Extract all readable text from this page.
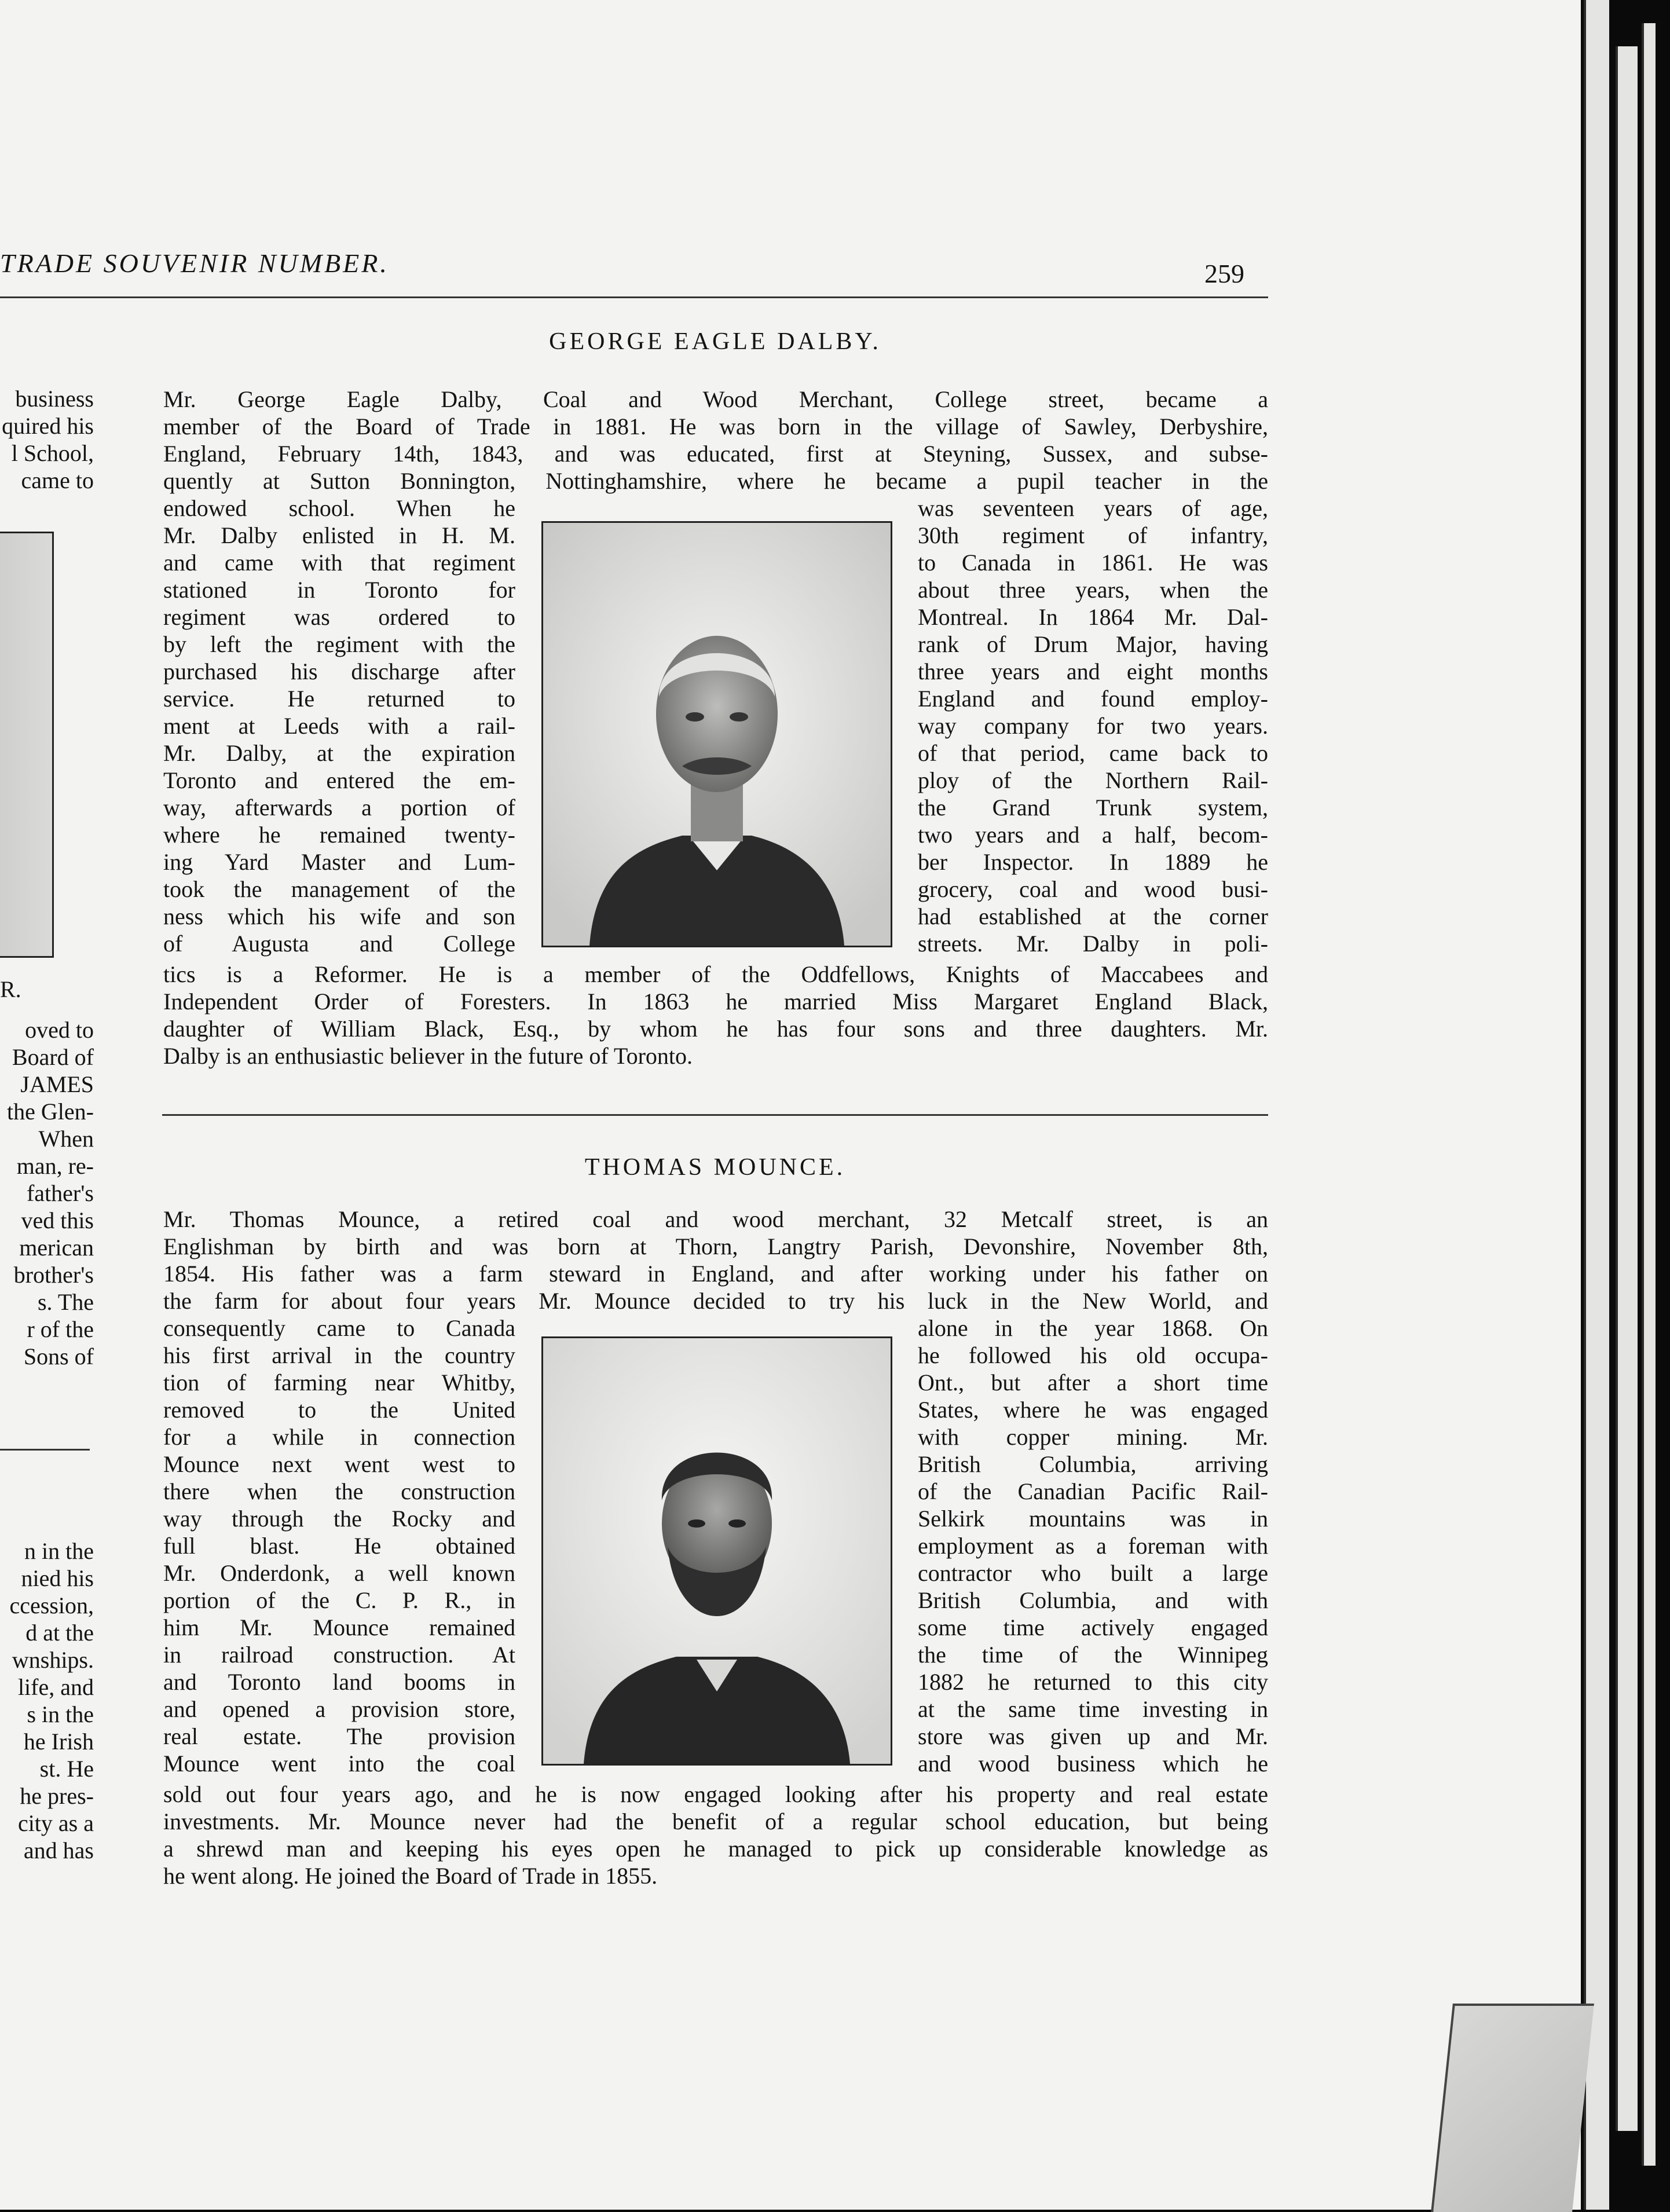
TRADE SOUVENIR NUMBER.	259
business
quired his
l School,
came to
R.
oved to
Board of
JAMES
the Glen-
When
man, re-
father's
ved this
merican
brother's
s. The
r of the
Sons of
n in the
nied his
ccession,
d at the
wnships.
life, and
s in the
he Irish
st. He
he pres-
city as a
and has
GEORGE EAGLE DALBY.
Mr. George Eagle Dalby, Coal and Wood Merchant, College street, became a
member of the Board of Trade in 1881. He was born in the village of Sawley, Derbyshire,
England, February 14th, 1843, and was educated, first at Steyning, Sussex, and subse-
quently at Sutton Bonnington, Nottinghamshire, where he became a pupil teacher in the
endowed school. When he
Mr. Dalby enlisted in H. M.
and came with that regiment
stationed in Toronto for
regiment was ordered to
by left the regiment with the
purchased his discharge after
service. He returned to
ment at Leeds with a rail-
Mr. Dalby, at the expiration
Toronto and entered the em-
way, afterwards a portion of
where he remained twenty-
ing Yard Master and Lum-
took the management of the
ness which his wife and son
of Augusta and College
was seventeen years of age,
30th regiment of infantry,
to Canada in 1861. He was
about three years, when the
Montreal. In 1864 Mr. Dal-
rank of Drum Major, having
three years and eight months
England and found employ-
way company for two years.
of that period, came back to
ploy of the Northern Rail-
the Grand Trunk system,
two years and a half, becom-
ber Inspector. In 1889 he
grocery, coal and wood busi-
had established at the corner
streets. Mr. Dalby in poli-
tics is a Reformer. He is a member of the Oddfellows, Knights of Maccabees and
Independent Order of Foresters. In 1863 he married Miss Margaret England Black,
daughter of William Black, Esq., by whom he has four sons and three daughters. Mr.
Dalby is an enthusiastic believer in the future of Toronto.
THOMAS MOUNCE.
Mr. Thomas Mounce, a retired coal and wood merchant, 32 Metcalf street, is an
Englishman by birth and was born at Thorn, Langtry Parish, Devonshire, November 8th,
1854. His father was a farm steward in England, and after working under his father on
the farm for about four years Mr. Mounce decided to try his luck in the New World, and
consequently came to Canada
his first arrival in the country
tion of farming near Whitby,
removed to the United
for a while in connection
Mounce next went west to
there when the construction
way through the Rocky and
full blast. He obtained
Mr. Onderdonk, a well known
portion of the C. P. R., in
him Mr. Mounce remained
in railroad construction. At
and Toronto land booms in
and opened a provision store,
real estate. The provision
Mounce went into the coal
alone in the year 1868. On
he followed his old occupa-
Ont., but after a short time
States, where he was engaged
with copper mining. Mr.
British Columbia, arriving
of the Canadian Pacific Rail-
Selkirk mountains was in
employment as a foreman with
contractor who built a large
British Columbia, and with
some time actively engaged
the time of the Winnipeg
1882 he returned to this city
at the same time investing in
store was given up and Mr.
and wood business which he
sold out four years ago, and he is now engaged looking after his property and real estate
investments. Mr. Mounce never had the benefit of a regular school education, but being
a shrewd man and keeping his eyes open he managed to pick up considerable knowledge as
he went along. He joined the Board of Trade in 1855.
